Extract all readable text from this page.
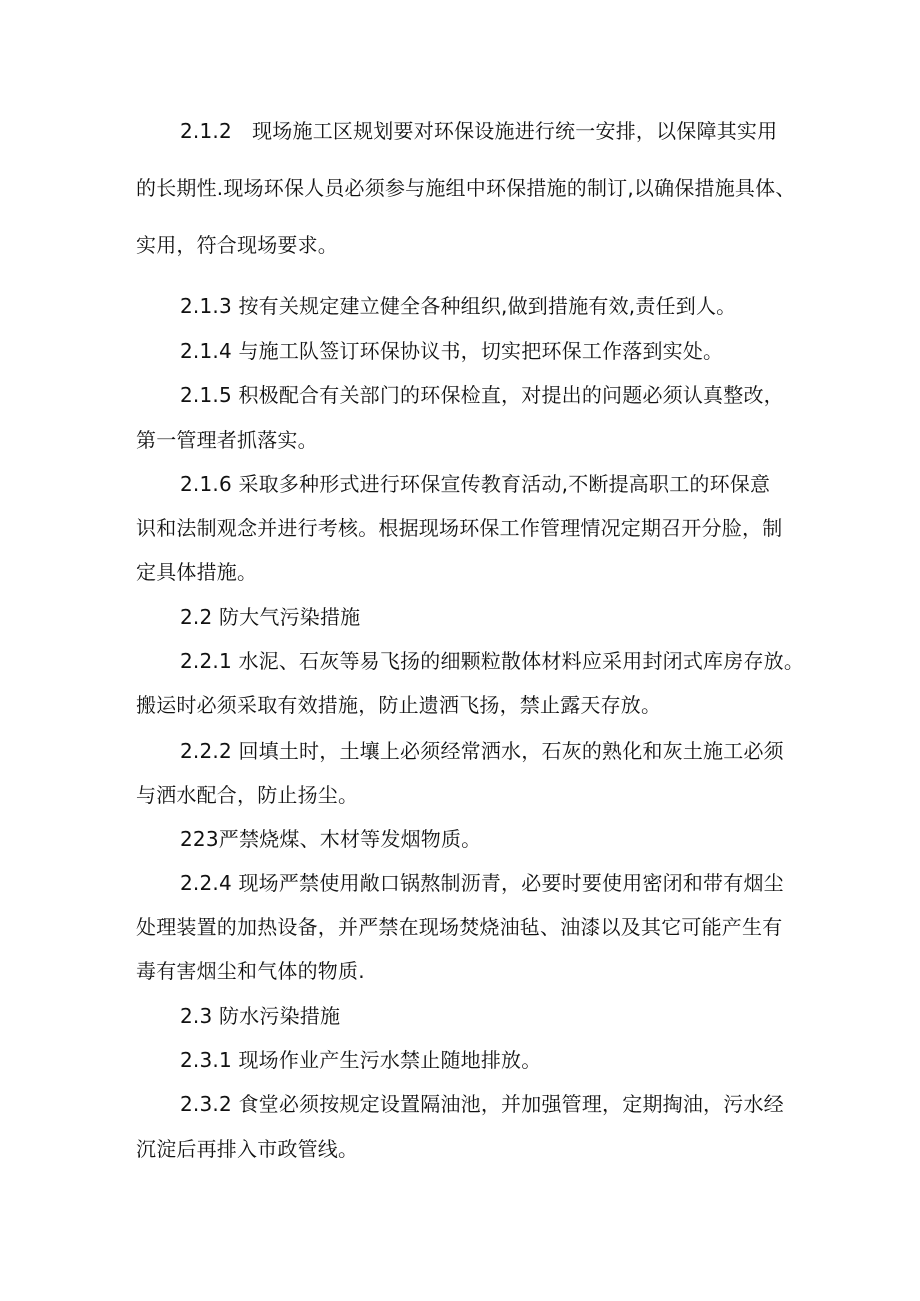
2.1.2　现场施工区规划要对环保设施进行统一安排，以保障其实用
的长期性.现场环保人员必须参与施组中环保措施的制订,以确保措施具体、
实用，符合现场要求。
2.1.3 按有关规定建立健全各种组织,做到措施有效,责任到人。
2.1.4 与施工队签订环保协议书，切实把环保工作落到实处。
2.1.5 积极配合有关部门的环保检直，对提出的问题必须认真整改，
第一管理者抓落实。
2.1.6 采取多种形式进行环保宣传教育活动,不断提高职工的环保意
识和法制观念并进行考核。根据现场环保工作管理情况定期召开分脸，制
定具体措施。
2.2 防大气污染措施
2.2.1 水泥、石灰等易飞扬的细颗粒散体材料应采用封闭式库房存放。
搬运时必须采取有效措施，防止遗洒飞扬，禁止露天存放。
2.2.2 回填土时，土壤上必须经常洒水，石灰的熟化和灰土施工必须
与洒水配合，防止扬尘。
223严禁烧煤、木材等发烟物质。
2.2.4 现场严禁使用敞口锅熬制沥青，必要时要使用密闭和带有烟尘
处理装置的加热设备，并严禁在现场焚烧油毡、油漆以及其它可能产生有
毒有害烟尘和气体的物质.
2.3 防水污染措施
2.3.1 现场作业产生污水禁止随地排放。
2.3.2 食堂必须按规定设置隔油池，并加强管理，定期掏油，污水经
沉淀后再排入市政管线。
